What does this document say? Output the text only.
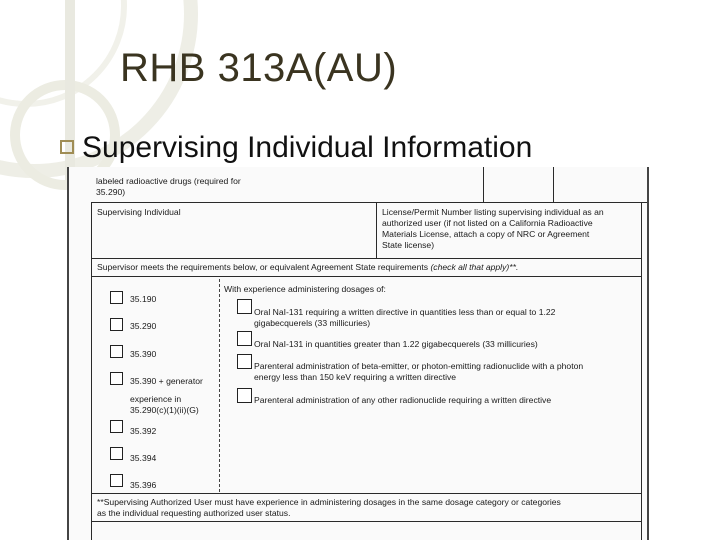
RHB 313A(AU)
Supervising Individual Information
labeled radioactive drugs (required for
35.290)
Supervising Individual	License/Permit Number listing supervising individual as an
authorized user (if not listed on a California Radioactive
Materials License, attach a copy of NRC or Agreement
State license)
Supervisor meets the requirements below, or equivalent Agreement State requirements (check all that apply)**.
35.190
35.290
35.390
35.390 + generator
experience in
35.290(c)(1)(ii)(G)
35.392
35.394
35.396
With experience administering dosages of:
Oral NaI-131 requiring a written directive in quantities less than or equal to 1.22
gigabecquerels (33 millicuries)
Oral NaI-131 in quantities greater than 1.22 gigabecquerels (33 millicuries)
Parenteral administration of beta-emitter, or photon-emitting radionuclide with a photon
energy less than 150 keV requiring a written directive
Parenteral administration of any other radionuclide requiring a written directive
**Supervising Authorized User must have experience in administering dosages in the same dosage category or categories
as the individual requesting authorized user status.
